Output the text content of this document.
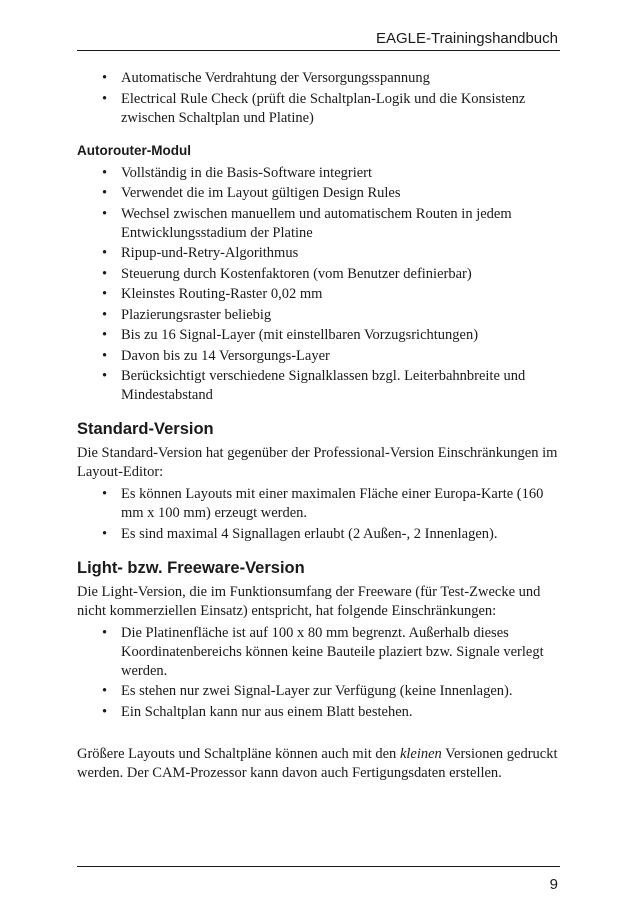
EAGLE-Trainingshandbuch
• Automatische Verdrahtung der Versorgungsspannung
• Electrical Rule Check (prüft die Schaltplan-Logik und die Konsistenz zwischen Schaltplan und Platine)
Autorouter-Modul
• Vollständig in die Basis-Software integriert
• Verwendet die im Layout gültigen Design Rules
• Wechsel zwischen manuellem und automatischem Routen in jedem Entwicklungsstadium der Platine
• Ripup-und-Retry-Algorithmus
• Steuerung durch Kostenfaktoren (vom Benutzer definierbar)
• Kleinstes Routing-Raster 0,02 mm
• Plazierungsraster beliebig
• Bis zu 16 Signal-Layer (mit einstellbaren Vorzugsrichtungen)
• Davon bis zu 14 Versorgungs-Layer
• Berücksichtigt verschiedene Signalklassen bzgl. Leiterbahnbreite und Mindestabstand
Standard-Version

Die Standard-Version hat gegenüber der Professional-Version Einschränkungen im Layout-Editor:

• Es können Layouts mit einer maximalen Fläche einer Europa-Karte (160 mm x 100 mm) erzeugt werden.
• Es sind maximal 4 Signallagen erlaubt (2 Außen-, 2 Innenlagen).
Light- bzw. Freeware-Version

Die Light-Version, die im Funktionsumfang der Freeware (für Test-Zwecke und nicht kommerziellen Einsatz) entspricht, hat folgende Einschränkungen:

• Die Platinenfläche ist auf 100 x 80 mm begrenzt. Außerhalb dieses Koordinatenbereichs können keine Bauteile plaziert bzw. Signale verlegt werden.
• Es stehen nur zwei Signal-Layer zur Verfügung (keine Innenlagen).
• Ein Schaltplan kann nur aus einem Blatt bestehen.

Größere Layouts und Schaltpläne können auch mit den kleinen Versionen gedruckt werden. Der CAM-Prozessor kann davon auch Fertigungsdaten erstellen.

9
